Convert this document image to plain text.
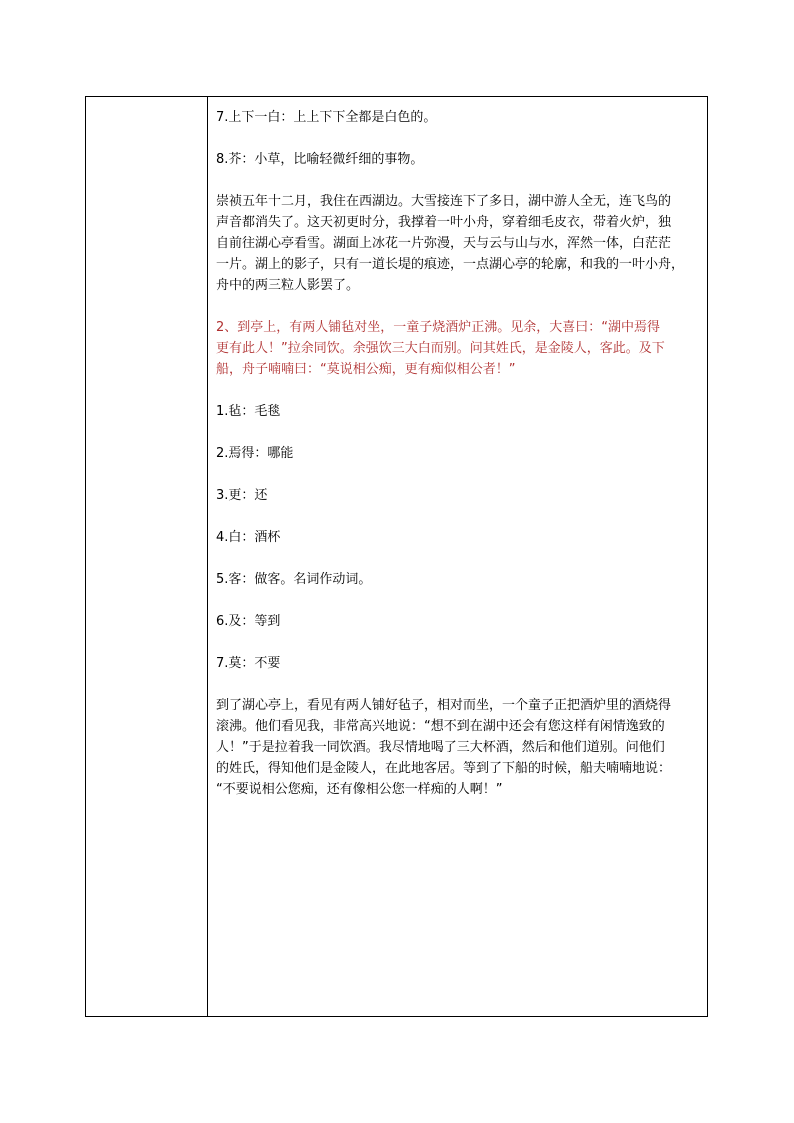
7.上下一白：上上下下全都是白色的。

8.芥：小草，比喻轻微纤细的事物。

崇祯五年十二月，我住在西湖边。大雪接连下了多日，湖中游人全无，连飞鸟的

声音都消失了。这天初更时分，我撑着一叶小舟，穿着细毛皮衣，带着火炉，独

自前往湖心亭看雪。湖面上冰花一片弥漫，天与云与山与水，浑然一体，白茫茫

一片。湖上的影子，只有一道长堤的痕迹，一点湖心亭的轮廓，和我的一叶小舟，

舟中的两三粒人影罢了。

2、到亭上，有两人铺毡对坐，一童子烧酒炉正沸。见余，大喜曰：“湖中焉得

更有此人！”拉余同饮。余强饮三大白而别。问其姓氏，是金陵人，客此。及下

船，舟子喃喃曰：“莫说相公痴，更有痴似相公者！”

1.毡：毛毯

2.焉得：哪能

3.更：还

4.白：酒杯

5.客：做客。名词作动词。

6.及：等到

7.莫：不要

到了湖心亭上，看见有两人铺好毡子，相对而坐，一个童子正把酒炉里的酒烧得

滚沸。他们看见我，非常高兴地说：“想不到在湖中还会有您这样有闲情逸致的

人！”于是拉着我一同饮酒。我尽情地喝了三大杯酒，然后和他们道别。问他们

的姓氏，得知他们是金陵人，在此地客居。等到了下船的时候，船夫喃喃地说：

“不要说相公您痴，还有像相公您一样痴的人啊！”
